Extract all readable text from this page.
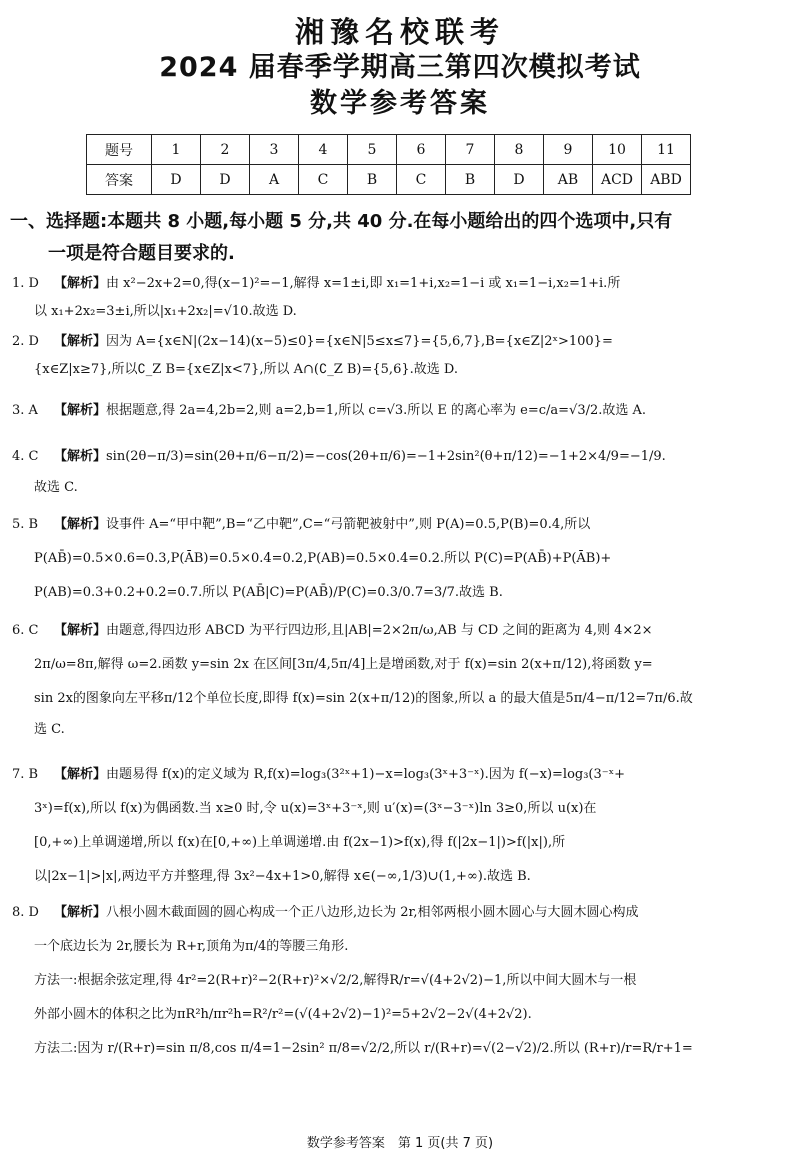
湘豫名校联考
2024 届春季学期高三第四次模拟考试
数学参考答案
题号	1	2	3	4	5	6	7	8	9	10	11
答案	D	D	A	C	B	C	B	D	AB	ACD	ABD
一、选择题:本题共 8 小题,每小题 5 分,共 40 分.在每小题给出的四个选项中,只有
一项是符合题目要求的.
1. D 【解析】由 x²−2x+2=0,得(x−1)²=−1,解得 x=1±i,即 x₁=1+i,x₂=1−i 或 x₁=1−i,x₂=1+i.所
以 x₁+2x₂=3±i,所以|x₁+2x₂|=√10.故选 D.
2. D 【解析】因为 A={x∈N|(2x−14)(x−5)≤0}={x∈N|5≤x≤7}={5,6,7},B={x∈Z|2ˣ>100}=
{x∈Z|x≥7},所以∁_Z B={x∈Z|x<7},所以 A∩(∁_Z B)={5,6}.故选 D.
3. A 【解析】根据题意,得 2a=4,2b=2,则 a=2,b=1,所以 c=√3.所以 E 的离心率为 e=c/a=√3/2.故选 A.
4. C 【解析】sin(2θ−π/3)=sin(2θ+π/6−π/2)=−cos(2θ+π/6)=−1+2sin²(θ+π/12)=−1+2×4/9=−1/9.
故选 C.
5. B 【解析】设事件 A=“甲中靶”,B=“乙中靶”,C=“弓箭靶被射中”,则 P(A)=0.5,P(B)=0.4,所以
P(AB̄)=0.5×0.6=0.3,P(ĀB)=0.5×0.4=0.2,P(AB)=0.5×0.4=0.2.所以 P(C)=P(AB̄)+P(ĀB)+
P(AB)=0.3+0.2+0.2=0.7.所以 P(AB̄|C)=P(AB̄)/P(C)=0.3/0.7=3/7.故选 B.
6. C 【解析】由题意,得四边形 ABCD 为平行四边形,且|AB|=2×2π/ω,AB 与 CD 之间的距离为 4,则 4×2×
2π/ω=8π,解得 ω=2.函数 y=sin 2x 在区间[3π/4,5π/4]上是增函数,对于 f(x)=sin 2(x+π/12),将函数 y=
sin 2x的图象向左平移π/12个单位长度,即得 f(x)=sin 2(x+π/12)的图象,所以 a 的最大值是5π/4−π/12=7π/6.故
选 C.
7. B 【解析】由题易得 f(x)的定义域为 R,f(x)=log₃(3²ˣ+1)−x=log₃(3ˣ+3⁻ˣ).因为 f(−x)=log₃(3⁻ˣ+
3ˣ)=f(x),所以 f(x)为偶函数.当 x≥0 时,令 u(x)=3ˣ+3⁻ˣ,则 u′(x)=(3ˣ−3⁻ˣ)ln 3≥0,所以 u(x)在
[0,+∞)上单调递增,所以 f(x)在[0,+∞)上单调递增.由 f(2x−1)>f(x),得 f(|2x−1|)>f(|x|),所
以|2x−1|>|x|,两边平方并整理,得 3x²−4x+1>0,解得 x∈(−∞,1/3)∪(1,+∞).故选 B.
8. D 【解析】八根小圆木截面圆的圆心构成一个正八边形,边长为 2r,相邻两根小圆木圆心与大圆木圆心构成
一个底边长为 2r,腰长为 R+r,顶角为π/4的等腰三角形.
方法一:根据余弦定理,得 4r²=2(R+r)²−2(R+r)²×√2/2,解得R/r=√(4+2√2)−1,所以中间大圆木与一根
外部小圆木的体积之比为πR²h/πr²h=R²/r²=(√(4+2√2)−1)²=5+2√2−2√(4+2√2).
方法二:因为 r/(R+r)=sin π/8,cos π/4=1−2sin² π/8=√2/2,所以 r/(R+r)=√(2−√2)/2.所以 (R+r)/r=R/r+1=
数学参考答案　第 1 页(共 7 页)
